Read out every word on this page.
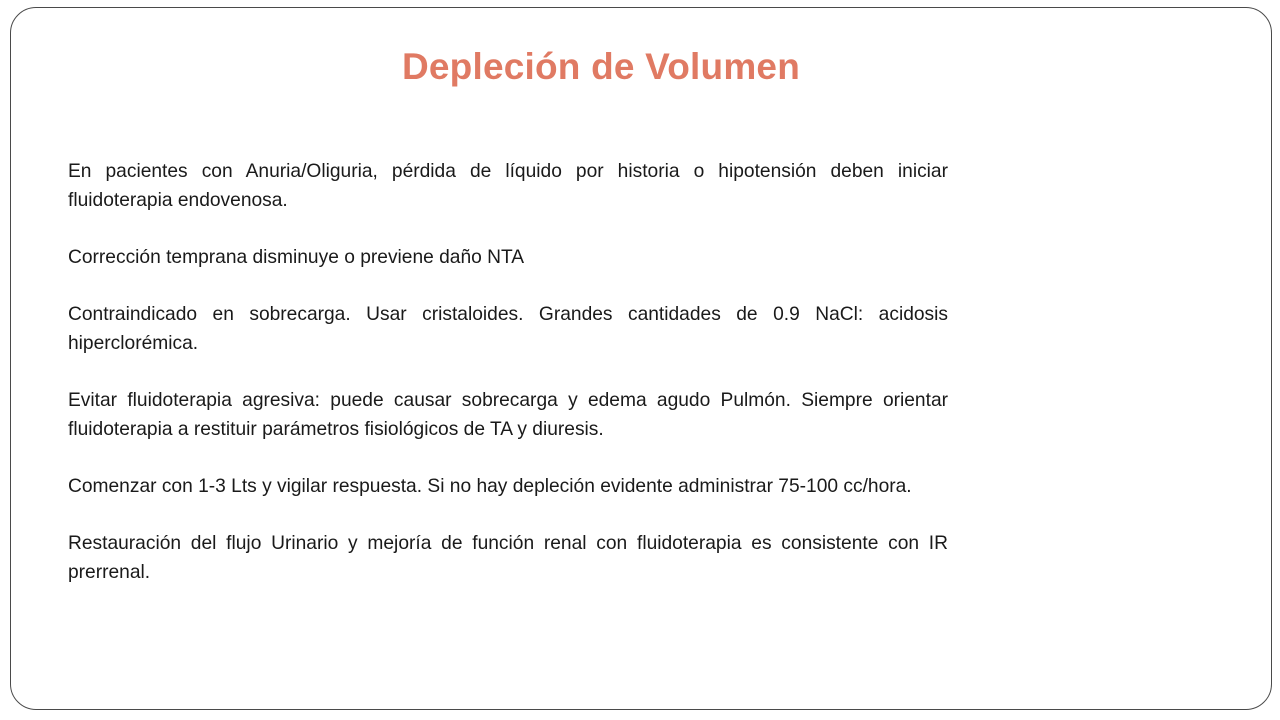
Depleción de Volumen

En pacientes con Anuria/Oliguria, pérdida de líquido por historia o hipotensión deben iniciar fluidoterapia endovenosa.

Corrección temprana disminuye o previene daño NTA

Contraindicado en sobrecarga. Usar cristaloides. Grandes cantidades de 0.9 NaCl: acidosis hiperclorémica.

Evitar fluidoterapia agresiva: puede causar sobrecarga y edema agudo Pulmón. Siempre orientar fluidoterapia a restituir parámetros fisiológicos de TA y diuresis.

Comenzar con 1-3 Lts y vigilar respuesta. Si no hay depleción evidente administrar 75-100 cc/hora.

Restauración del flujo Urinario y mejoría de función renal con fluidoterapia es consistente con IR prerrenal.
